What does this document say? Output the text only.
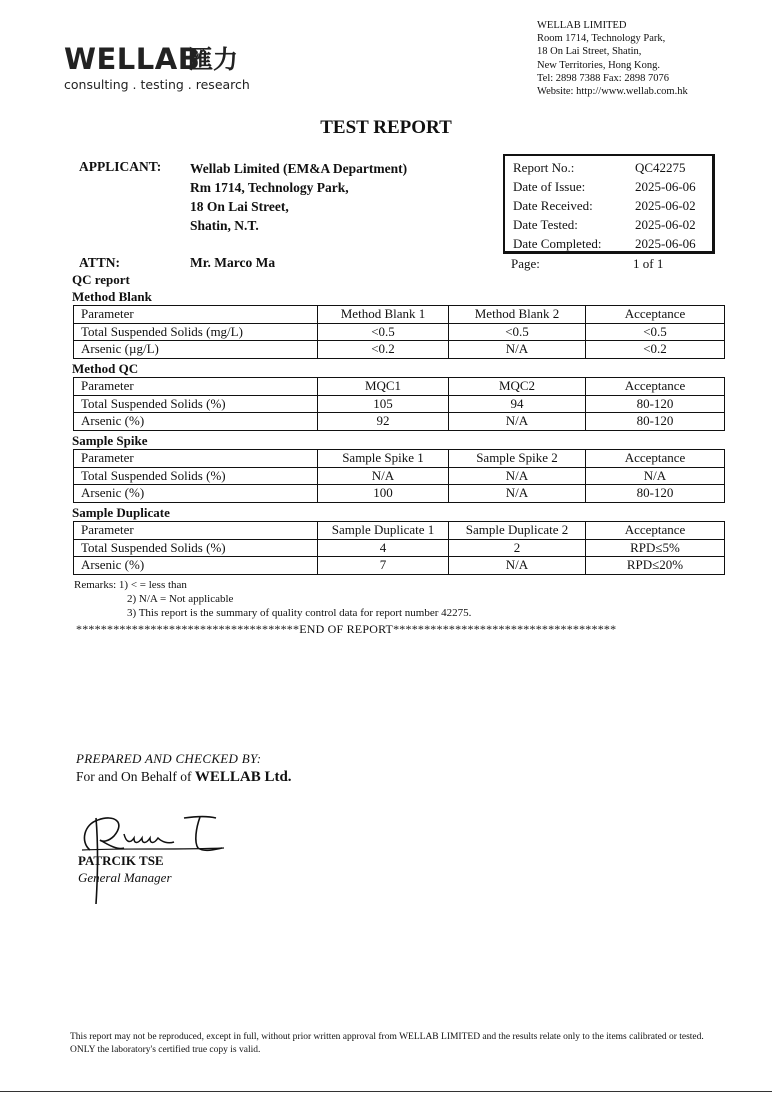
WELLAB
匯力
consulting . testing . research
WELLAB LIMITED
Room 1714, Technology Park,
18 On Lai Street, Shatin,
New Territories, Hong Kong.
Tel: 2898 7388 Fax: 2898 7076
Website: http://www.wellab.com.hk
TEST REPORT
APPLICANT: Wellab Limited (EM&A Department)
Rm 1714, Technology Park,
18 On Lai Street,
Shatin, N.T.
ATTN:	Mr. Marco Ma
Report No.:	QC42275
Date of Issue:	2025-06-06
Date Received:	2025-06-02
Date Tested:	2025-06-02
Date Completed:	2025-06-06
Page:	1 of 1
QC report
Method Blank
Parameter	Method Blank 1	Method Blank 2	Acceptance
Total Suspended Solids (mg/L)	<0.5	<0.5	<0.5
Arsenic (µg/L)	<0.2	N/A	<0.2
Method QC
Parameter	MQC1	MQC2	Acceptance
Total Suspended Solids (%)	105	94	80-120
Arsenic (%)	92	N/A	80-120
Sample Spike
Parameter	Sample Spike 1	Sample Spike 2	Acceptance
Total Suspended Solids (%)	N/A	N/A	N/A
Arsenic (%)	100	N/A	80-120
Sample Duplicate
Parameter	Sample Duplicate 1	Sample Duplicate 2	Acceptance
Total Suspended Solids (%)	4	2	RPD≤5%
Arsenic (%)	7	N/A	RPD≤20%
Remarks: 1) < = less than
2) N/A = Not applicable
3) This report is the summary of quality control data for report number 42275.
************************************END OF REPORT************************************
PREPARED AND CHECKED BY:
For and On Behalf of WELLAB Ltd.
PATRCIK TSE
General Manager
This report may not be reproduced, except in full, without prior written approval from WELLAB LIMITED and the results relate only to the items calibrated or tested. ONLY the laboratory's certified true copy is valid.
